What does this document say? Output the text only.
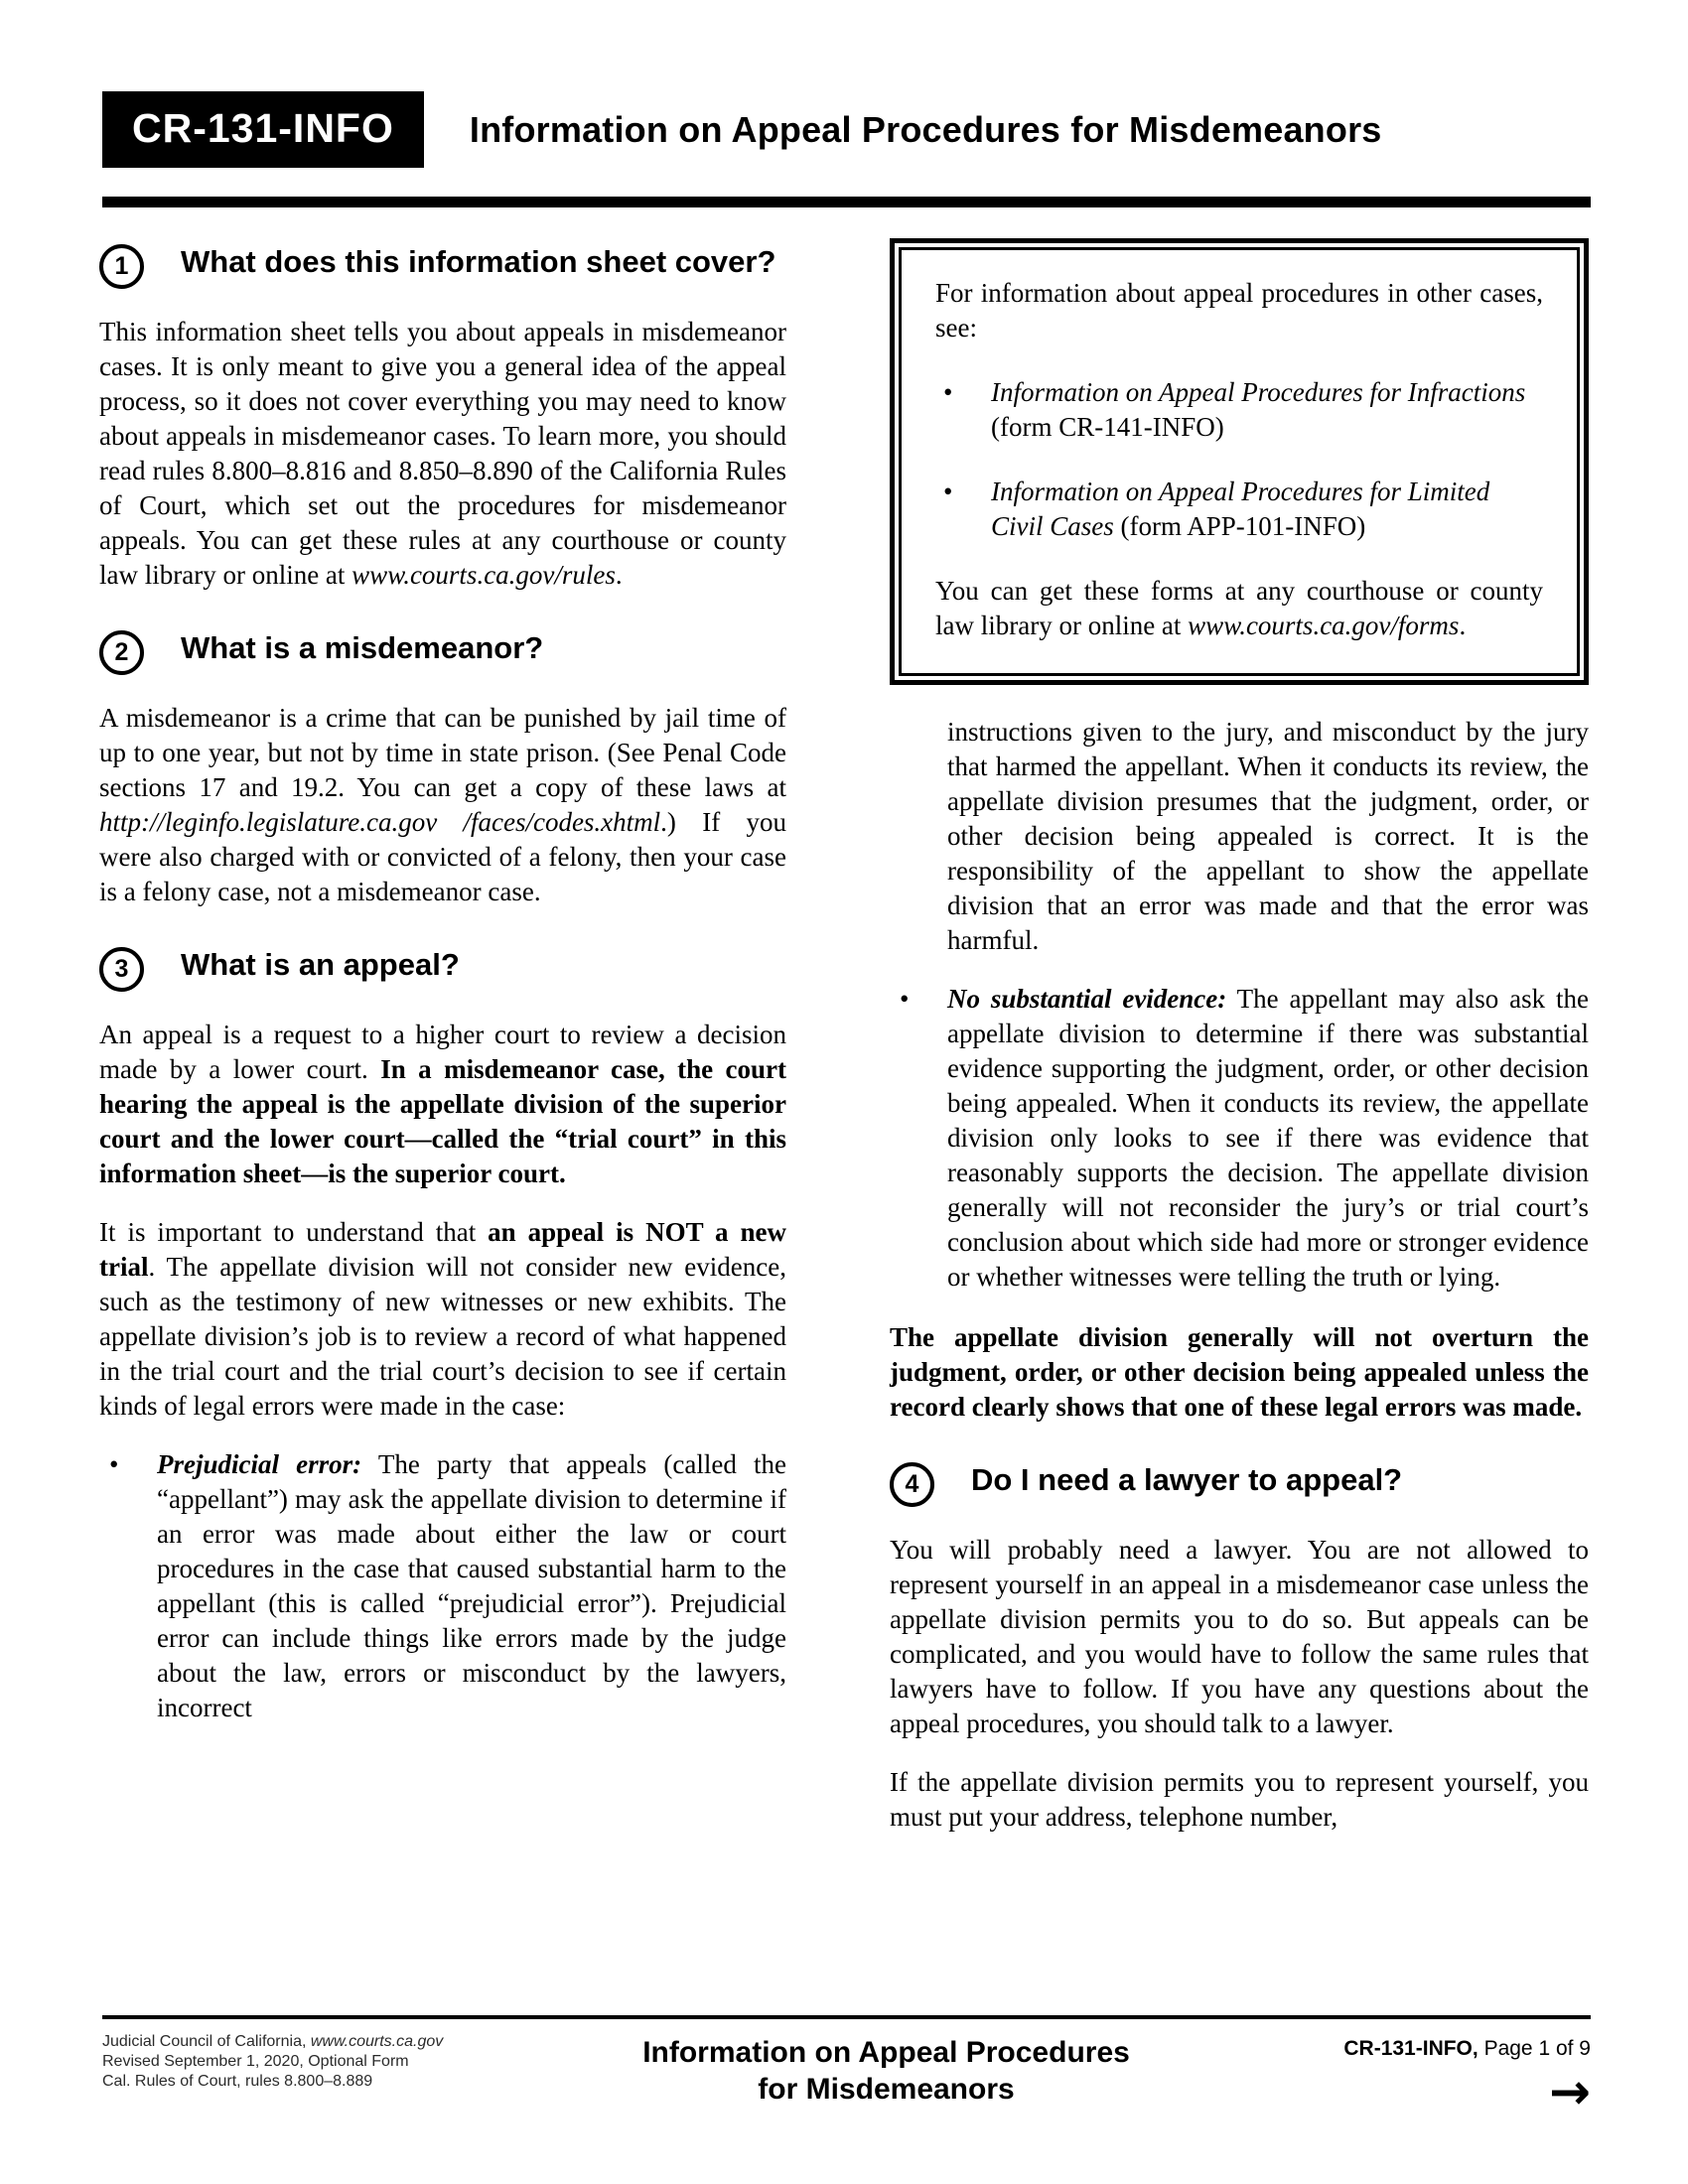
CR-131-INFO	Information on Appeal Procedures for Misdemeanors
1	What does this information sheet cover?

This information sheet tells you about appeals in misdemeanor cases. It is only meant to give you a general idea of the appeal process, so it does not cover everything you may need to know about appeals in misdemeanor cases. To learn more, you should read rules 8.800–8.816 and 8.850–8.890 of the California Rules of Court, which set out the procedures for misdemeanor appeals. You can get these rules at any courthouse or county law library or online at www.courts.ca.gov/rules.

2	What is a misdemeanor?

A misdemeanor is a crime that can be punished by jail time of up to one year, but not by time in state prison. (See Penal Code sections 17 and 19.2. You can get a copy of these laws at http://leginfo.legislature.ca.gov /faces/codes.xhtml.) If you were also charged with or convicted of a felony, then your case is a felony case, not a misdemeanor case.

3	What is an appeal?

An appeal is a request to a higher court to review a decision made by a lower court. In a misdemeanor case, the court hearing the appeal is the appellate division of the superior court and the lower court—called the “trial court” in this information sheet—is the superior court.

It is important to understand that an appeal is NOT a new trial. The appellate division will not consider new evidence, such as the testimony of new witnesses or new exhibits. The appellate division’s job is to review a record of what happened in the trial court and the trial court’s decision to see if certain kinds of legal errors were made in the case:

•	Prejudicial error: The party that appeals (called the “appellant”) may ask the appellate division to determine if an error was made about either the law or court procedures in the case that caused substantial harm to the appellant (this is called “prejudicial error”). Prejudicial error can include things like errors made by the judge about the law, errors or misconduct by the lawyers, incorrect

For information about appeal procedures in other cases, see:

•	Information on Appeal Procedures for Infractions (form CR-141-INFO)
•	Information on Appeal Procedures for Limited Civil Cases (form APP-101-INFO)

You can get these forms at any courthouse or county law library or online at www.courts.ca.gov/forms.

instructions given to the jury, and misconduct by the jury that harmed the appellant. When it conducts its review, the appellate division presumes that the judgment, order, or other decision being appealed is correct. It is the responsibility of the appellant to show the appellate division that an error was made and that the error was harmful.

•	No substantial evidence: The appellant may also ask the appellate division to determine if there was substantial evidence supporting the judgment, order, or other decision being appealed. When it conducts its review, the appellate division only looks to see if there was evidence that reasonably supports the decision. The appellate division generally will not reconsider the jury’s or trial court’s conclusion about which side had more or stronger evidence or whether witnesses were telling the truth or lying.

The appellate division generally will not overturn the judgment, order, or other decision being appealed unless the record clearly shows that one of these legal errors was made.

4	Do I need a lawyer to appeal?

You will probably need a lawyer. You are not allowed to represent yourself in an appeal in a misdemeanor case unless the appellate division permits you to do so. But appeals can be complicated, and you would have to follow the same rules that lawyers have to follow. If you have any questions about the appeal procedures, you should talk to a lawyer.

If the appellate division permits you to represent yourself, you must put your address, telephone number,

Judicial Council of California, www.courts.ca.gov
Revised September 1, 2020, Optional Form
Cal. Rules of Court, rules 8.800–8.889
Information on Appeal Procedures
for Misdemeanors
CR-131-INFO, Page 1 of 9
→
